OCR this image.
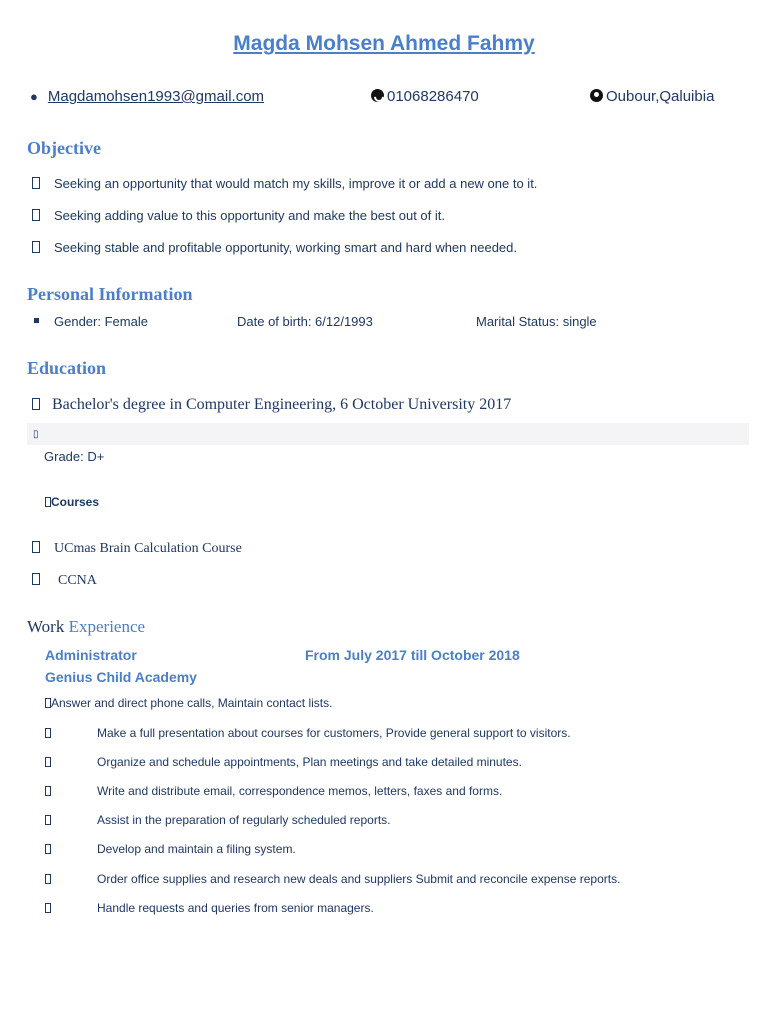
Magda Mohsen Ahmed Fahmy
● Magdamohsen1993@gmail.com	01068286470	Oubour,Qaluibia
Objective
Seeking an opportunity that would match my skills, improve it or add a new one to it.
Seeking adding value to this opportunity and make the best out of it.
Seeking stable and profitable opportunity, working smart and hard when needed.
Personal Information
Gender: Female	Date of birth: 6/12/1993	Marital Status: single
Education
Bachelor's degree in Computer Engineering, 6 October University 2017
▯
Grade: D+
Courses
UCmas Brain Calculation Course
CCNA
Work Experience
Administrator	From July 2017 till October 2018
Genius Child Academy
Answer and direct phone calls, Maintain contact lists.
Make a full presentation about courses for customers, Provide general support to visitors.
Organize and schedule appointments, Plan meetings and take detailed minutes.
Write and distribute email, correspondence memos, letters, faxes and forms.
Assist in the preparation of regularly scheduled reports.
Develop and maintain a filing system.
Order office supplies and research new deals and suppliers Submit and reconcile expense reports.
Handle requests and queries from senior managers.
